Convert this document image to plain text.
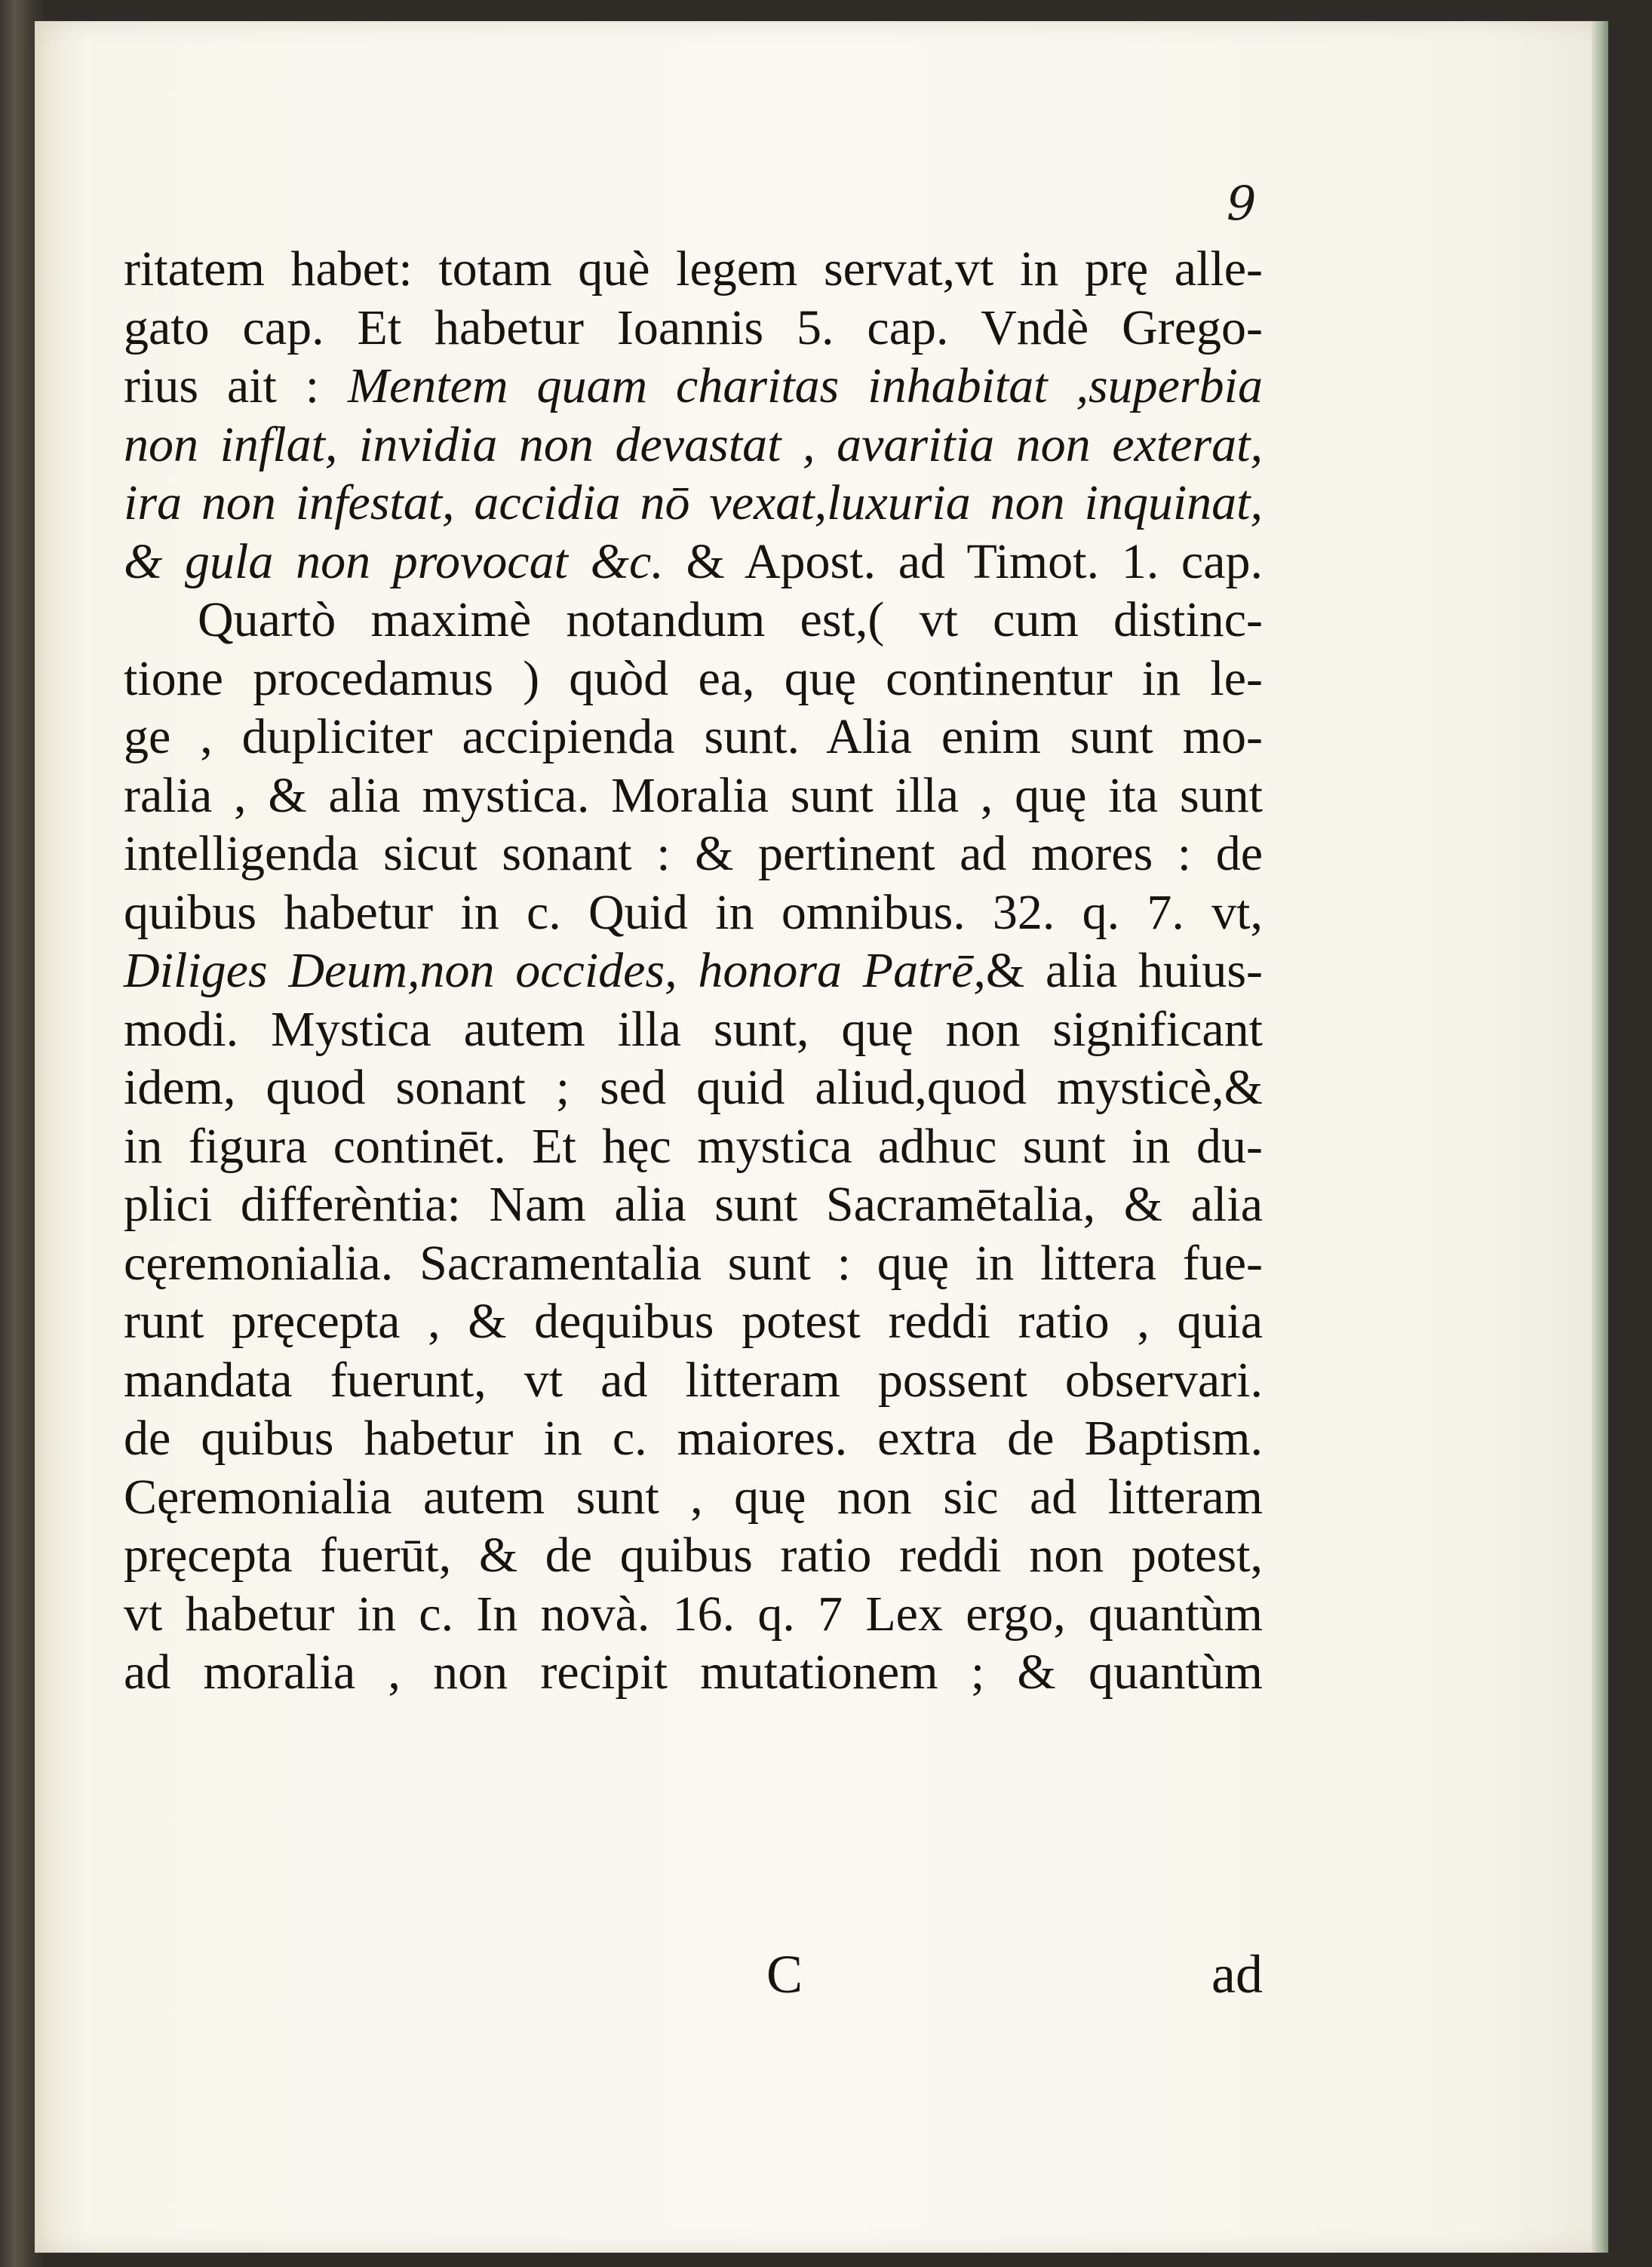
9
ritatem habet: totam què legem servat,vt in prę alle-
gato cap. Et habetur Ioannis 5. cap. Vndè Grego-
rius ait : Mentem quam charitas inhabitat ,superbia
non inflat, invidia non devastat , avaritia non exterat,
ira non infestat, accidia nō vexat,luxuria non inquinat,
& gula non provocat &c. & Apost. ad Timot. 1. cap.
Quartò maximè notandum est,( vt cum distinc-
tione procedamus ) quòd ea, quę continentur in le-
ge , dupliciter accipienda sunt. Alia enim sunt mo-
ralia , & alia mystica. Moralia sunt illa , quę ita sunt
intelligenda sicut sonant : & pertinent ad mores : de
quibus habetur in c. Quid in omnibus. 32. q. 7. vt,
Diliges Deum,non occides, honora Patrē,& alia huius-
modi. Mystica autem illa sunt, quę non significant
idem, quod sonant ; sed quid aliud,quod mysticè,&
in figura continēt. Et hęc mystica adhuc sunt in du-
plici differèntia: Nam alia sunt Sacramētalia, & alia
cęremonialia. Sacramentalia sunt : quę in littera fue-
runt pręcepta , & dequibus potest reddi ratio , quia
mandata fuerunt, vt ad litteram possent observari.
de quibus habetur in c. maiores. extra de Baptism.
Cęremonialia autem sunt , quę non sic ad litteram
pręcepta fuerūt, & de quibus ratio reddi non potest,
vt habetur in c. In novà. 16. q. 7 Lex ergo, quantùm
ad moralia , non recipit mutationem ; & quantùm
C	ad
